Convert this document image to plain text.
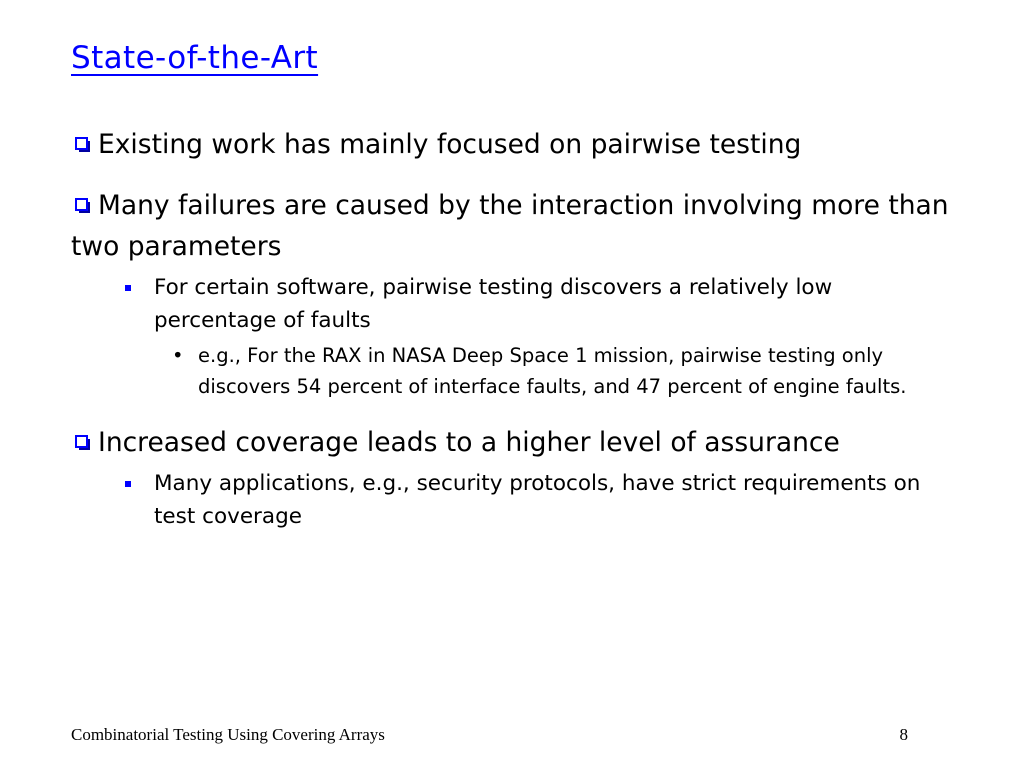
State-of-the-Art

Existing work has mainly focused on pairwise testing

Many failures are caused by the interaction involving more than two parameters

For certain software, pairwise testing discovers a relatively low percentage of faults

• e.g., For the RAX in NASA Deep Space 1 mission, pairwise testing only discovers 54 percent of interface faults, and 47 percent of engine faults.

Increased coverage leads to a higher level of assurance

Many applications, e.g., security protocols, have strict requirements on test coverage

Combinatorial Testing Using Covering Arrays	8
